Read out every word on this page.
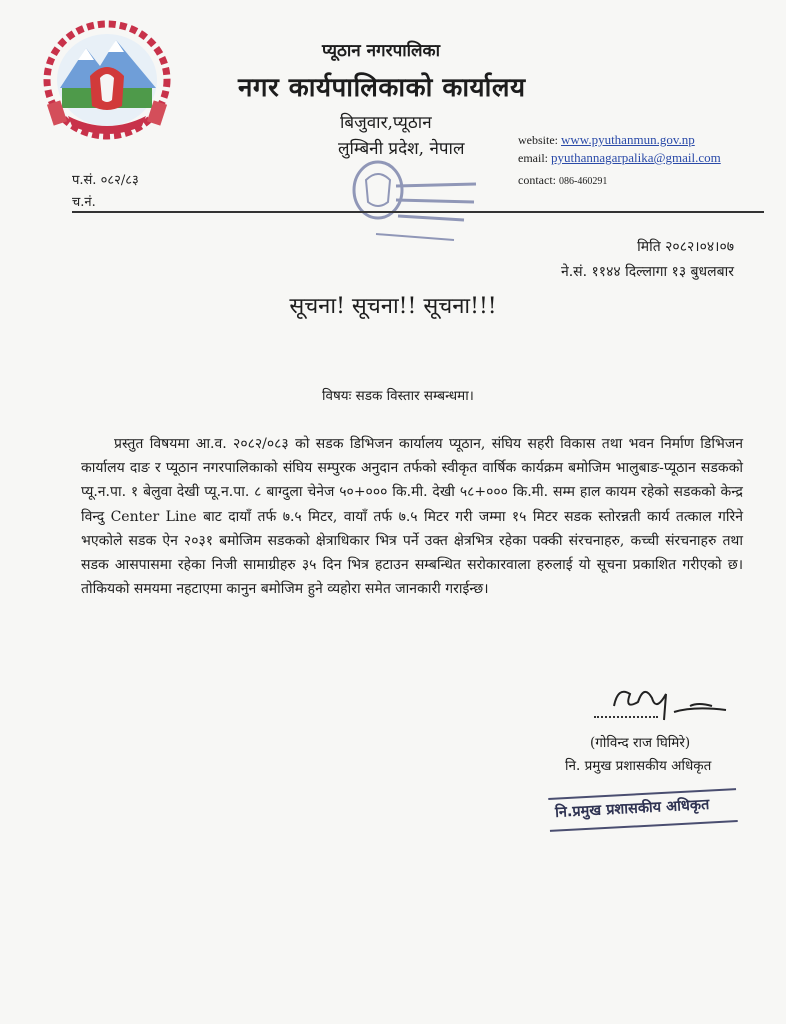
प्यूठान नगरपालिका
नगर कार्यपालिकाको कार्यालय
बिजुवार,प्यूठान
लुम्बिनी प्रदेश, नेपाल	website: www.pyuthanmun.gov.np
email: pyuthannagarpalika@gmail.com
contact: 086-460291
प.सं. ०८२/८३
च.नं.
मिति २०८२।०४।०७
ने.सं. ११४४ दिल्लागा १३ बुधलबार
सूचना! सूचना!! सूचना!!!
विषयः सडक विस्तार सम्बन्धमा।
प्रस्तुत विषयमा आ.व. २०८२/०८३ को सडक डिभिजन कार्यालय प्यूठान, संघिय सहरी विकास तथा भवन निर्माण डिभिजन कार्यालय दाङ र प्यूठान नगरपालिकाको संघिय सम्पुरक अनुदान तर्फको स्वीकृत वार्षिक कार्यक्रम बमोजिम भालुबाङ-प्यूठान सडकको प्यू.न.पा. १ बेलुवा देखी प्यू.न.पा. ८ बाग्दुला चेनेज ५०+००० कि.मी. देखी ५८+००० कि.मी. सम्म हाल कायम रहेको सडकको केन्द्र विन्दु Center Line बाट दायाँ तर्फ ७.५ मिटर, वायाँ तर्फ ७.५ मिटर गरी जम्मा १५ मिटर सडक स्तोरन्नती कार्य तत्काल गरिने भएकोले सडक ऐन २०३१ बमोजिम सडकको क्षेत्राधिकार भित्र पर्ने उक्त क्षेत्रभित्र रहेका पक्की संरचनाहरु, कच्ची संरचनाहरु तथा सडक आसपासमा रहेका निजी सामाग्रीहरु ३५ दिन भित्र हटाउन सम्बन्धित सरोकारवाला हरुलाई यो सूचना प्रकाशित गरीएको छ। तोकियको समयमा नहटाएमा कानुन बमोजिम हुने व्यहोरा समेत जानकारी गराईन्छ।
(गोविन्द राज घिमिरे)
नि. प्रमुख प्रशासकीय अधिकृत
नि.प्रमुख प्रशासकीय अधिकृत
